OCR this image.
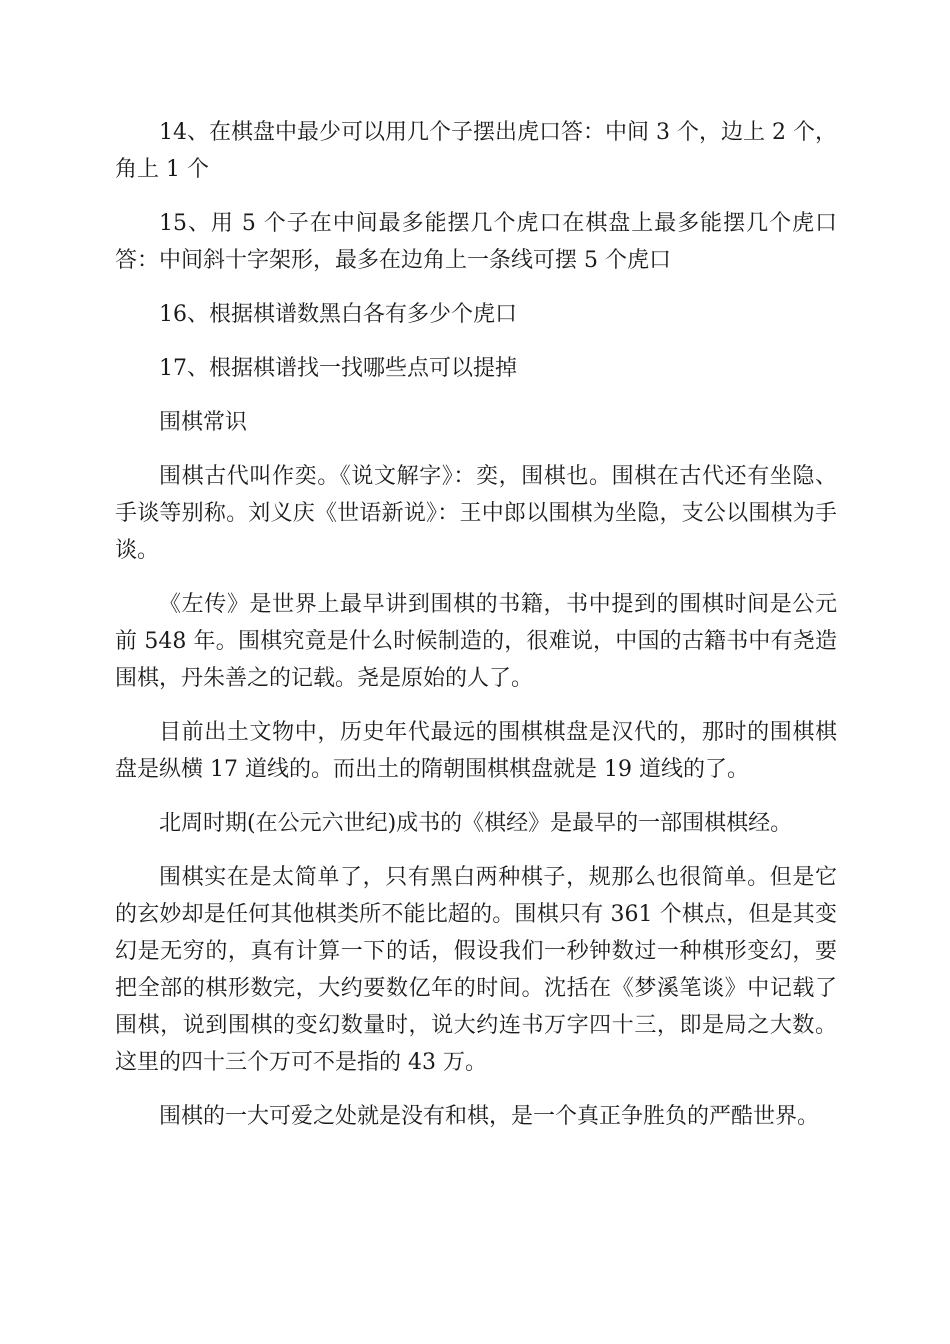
14、在棋盘中最少可以用几个子摆出虎口答：中间 3 个，边上 2 个，角上 1 个

15、用 5 个子在中间最多能摆几个虎口在棋盘上最多能摆几个虎口答：中间斜十字架形，最多在边角上一条线可摆 5 个虎口

16、根据棋谱数黑白各有多少个虎口

17、根据棋谱找一找哪些点可以提掉

围棋常识

围棋古代叫作奕。《说文解字》：奕，围棋也。围棋在古代还有坐隐、手谈等别称。刘义庆《世语新说》：王中郎以围棋为坐隐，支公以围棋为手谈。

《左传》是世界上最早讲到围棋的书籍，书中提到的围棋时间是公元前 548 年。围棋究竟是什么时候制造的，很难说，中国的古籍书中有尧造围棋，丹朱善之的记载。尧是原始的人了。

目前出土文物中，历史年代最远的围棋棋盘是汉代的，那时的围棋棋盘是纵横 17 道线的。而出土的隋朝围棋棋盘就是 19 道线的了。

北周时期(在公元六世纪)成书的《棋经》是最早的一部围棋棋经。

围棋实在是太简单了，只有黑白两种棋子，规那么也很简单。但是它的玄妙却是任何其他棋类所不能比超的。围棋只有 361 个棋点，但是其变幻是无穷的，真有计算一下的话，假设我们一秒钟数过一种棋形变幻，要把全部的棋形数完，大约要数亿年的时间。沈括在《梦溪笔谈》中记载了围棋，说到围棋的变幻数量时，说大约连书万字四十三，即是局之大数。这里的四十三个万可不是指的 43 万。

围棋的一大可爱之处就是没有和棋，是一个真正争胜负的严酷世界。
